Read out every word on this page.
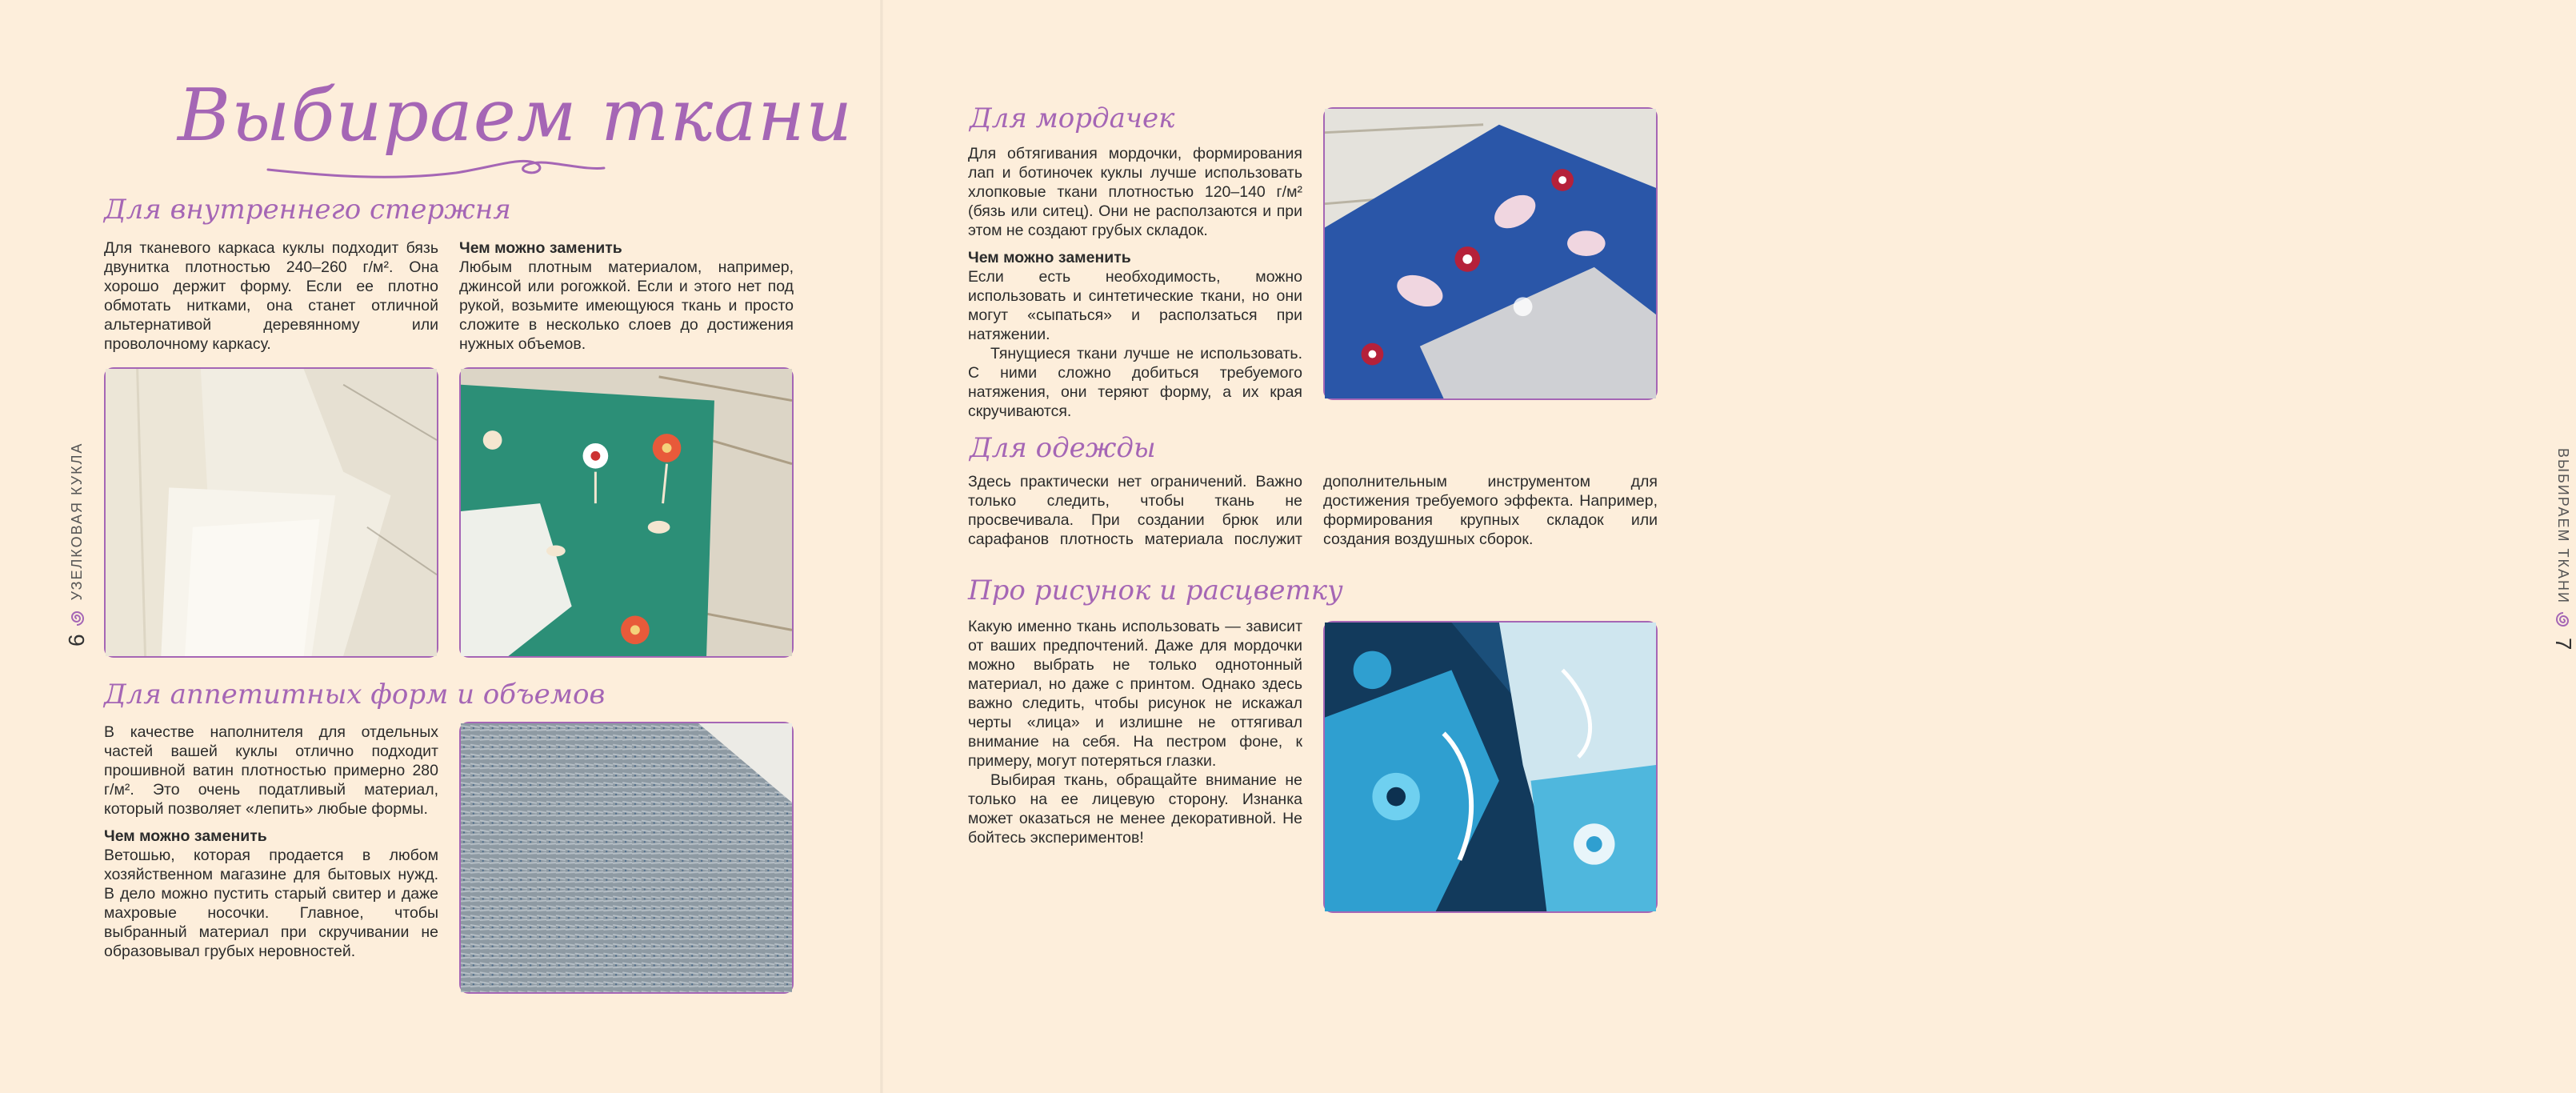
Выбираем ткани
Для внутреннего стержня

Для тканевого каркаса куклы подходит бязь двунитка плотностью 240–260 г/м². Она хорошо держит форму. Если ее плотно обмотать нитками, она станет отличной альтернативой деревянному или проволочному каркасу.

Чем можно заменить

Любым плотным материалом, например, джинсой или рогожкой. Если и этого нет под рукой, возьмите имеющуюся ткань и просто сложите в несколько слоев до достижения нужных объемов.

Для аппетитных форм и объемов

В качестве наполнителя для отдельных частей вашей куклы отлично подходит прошивной ватин плотностью примерно 280 г/м². Это очень податливый материал, который позволяет «лепить» любые формы.

Чем можно заменить

Ветошью, которая продается в любом хозяйственном магазине для бытовых нужд. В дело можно пустить старый свитер и даже махровые носочки. Главное, чтобы выбранный материал при скручивании не образовывал грубых неровностей.

6
УЗЕЛКОВАЯ КУКЛА
Для мордачек

Для обтягивания мордочки, формирования лап и ботиночек куклы лучше использовать хлопковые ткани плотностью 120–140 г/м² (бязь или ситец). Они не расползаются и при этом не создают грубых складок.

Чем можно заменить

Если есть необходимость, можно использовать и синтетические ткани, но они могут «сыпаться» и расползаться при натяжении.

Тянущиеся ткани лучше не использовать. С ними сложно добиться требуемого натяжения, они теряют форму, а их края скручиваются.

Для одежды

Здесь практически нет ограничений. Важно только следить, чтобы ткань не просвечивала. При создании брюк или сарафанов плотность материала послужит дополнительным инструментом для достижения требуемого эффекта. Например, формирования крупных складок или создания воздушных сборок.

Про рисунок и расцветку

Какую именно ткань использовать — зависит от ваших предпочтений. Даже для мордочки можно выбрать не только однотонный материал, но даже с принтом. Однако здесь важно следить, чтобы рисунок не искажал черты «лица» и излишне не оттягивал внимание на себя. На пестром фоне, к примеру, могут потеряться глазки.

Выбирая ткань, обращайте внимание не только на ее лицевую сторону. Изнанка может оказаться не менее декоративной. Не бойтесь экспериментов!

ВЫБИРАЕМ ТКАНИ
7
